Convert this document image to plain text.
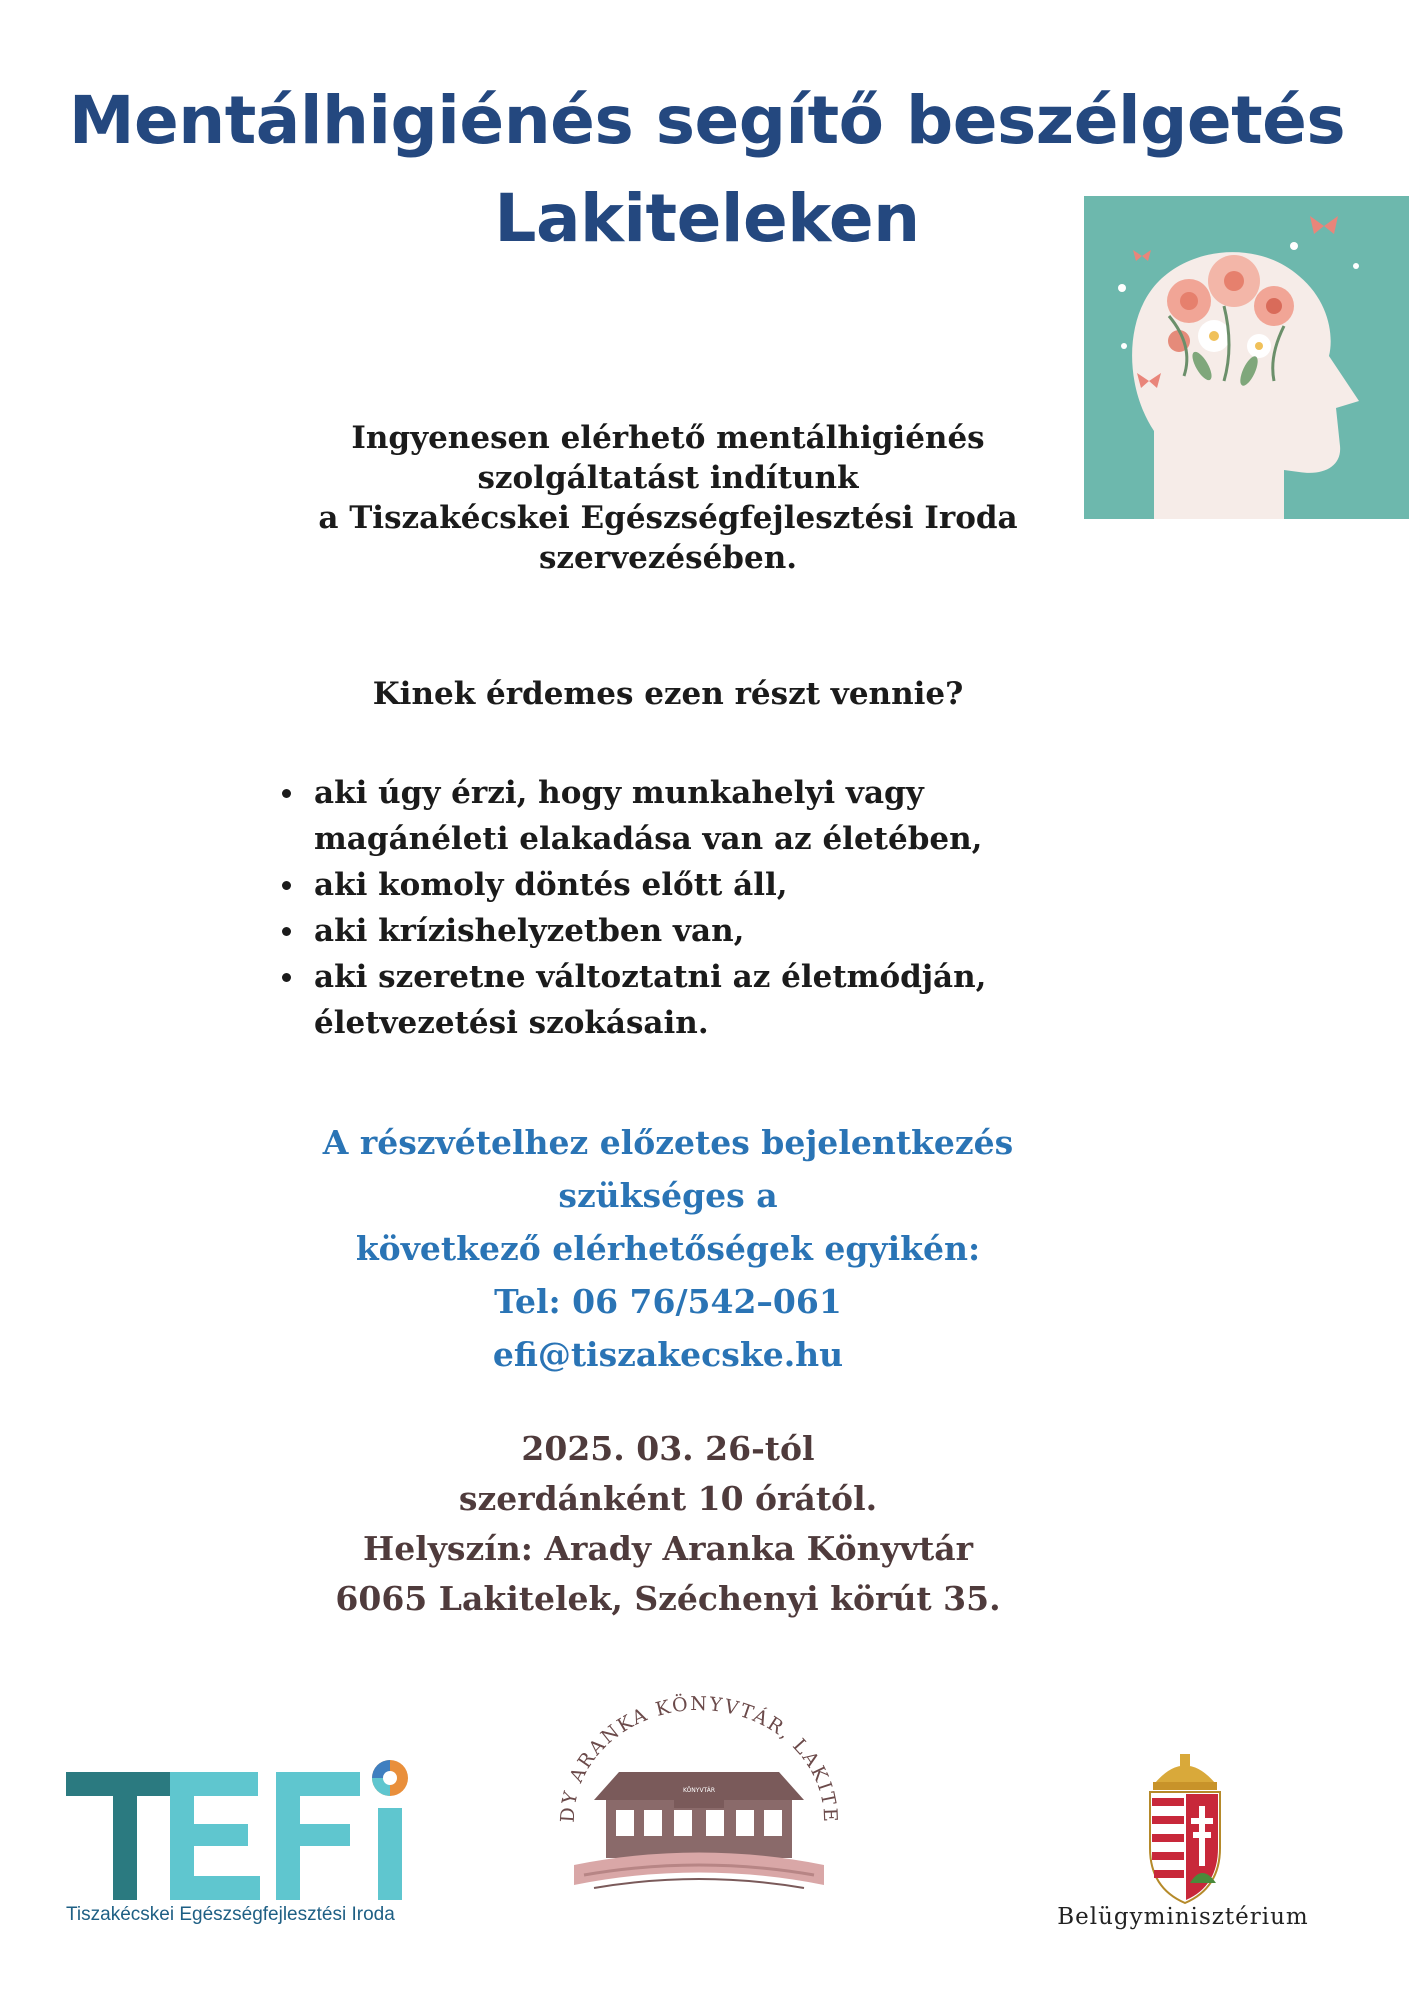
Mentálhigiénés segítő beszélgetés
Lakiteleken
Ingyenesen elérhető mentálhigiénés
szolgáltatást indítunk
a Tiszakécskei Egészségfejlesztési Iroda
szervezésében.
Kinek érdemes ezen részt vennie?
aki úgy érzi, hogy munkahelyi vagy
magánéleti elakadása van az életében,
aki komoly döntés előtt áll,
aki krízishelyzetben van,
aki szeretne változtatni az életmódján,
életvezetési szokásain.
A részvételhez előzetes bejelentkezés
szükséges a
következő elérhetőségek egyikén:
Tel: 06 76/542–061
efi@tiszakecske.hu
2025. 03. 26-tól
szerdánként 10 órától.
Helyszín: Arady Aranka Könyvtár
6065 Lakitelek, Széchenyi körút 35.
Tiszakécskei Egészségfejlesztési Iroda
DY ARANKA KÖNYVTÁR, LAKITE
KÖNYVTÁR
Belügyminisztérium
